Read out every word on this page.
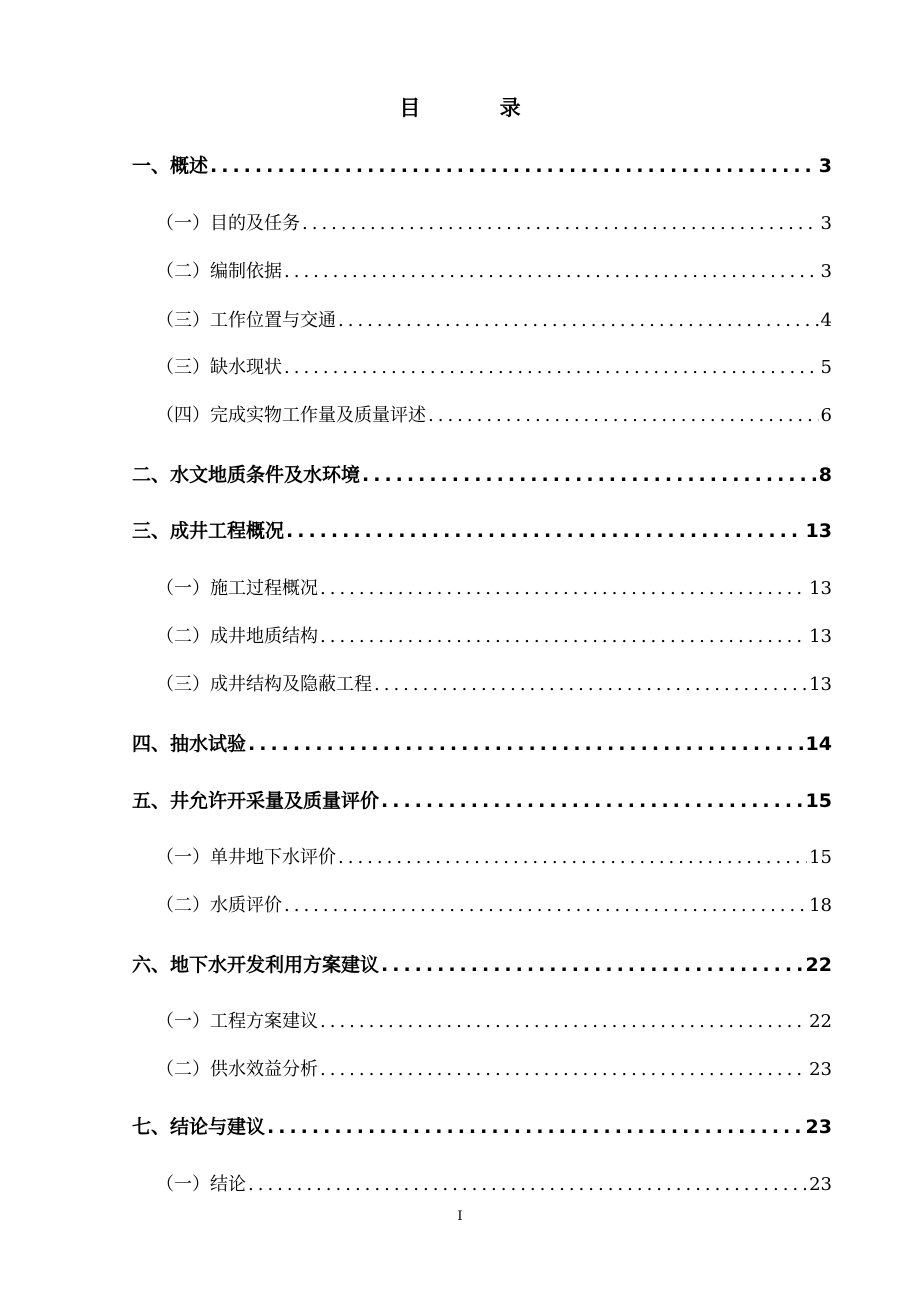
目 录
一、概述 .....	3
（一）目的及任务 .....	3
（二）编制依据 .....	3
（三）工作位置与交通 .....	4
（三）缺水现状 .....	5
（四）完成实物工作量及质量评述 .....	6
二、水文地质条件及水环境 .....	8
三、成井工程概况 .....	13
（一）施工过程概况 .....	13
（二）成井地质结构 .....	13
（三）成井结构及隐蔽工程 .....	13
四、抽水试验 .....	14
五、井允许开采量及质量评价 .....	15
（一）单井地下水评价 .....	15
（二）水质评价 .....	18
六、地下水开发利用方案建议 .....	22
（一）工程方案建议 .....	22
（二）供水效益分析 .....	23
七、结论与建议 .....	23
（一）结论 .....	23
I
